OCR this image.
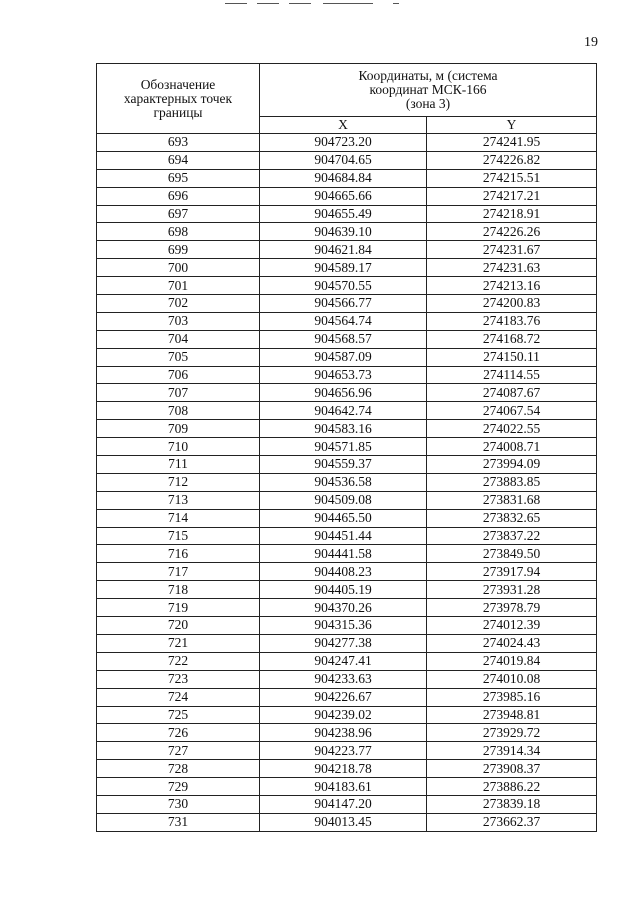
19
Обозначение характерных точек границы	Координаты, м (система координат МСК-166 (зона 3)	
	X	Y
693	904723.20	274241.95
694	904704.65	274226.82
695	904684.84	274215.51
696	904665.66	274217.21
697	904655.49	274218.91
698	904639.10	274226.26
699	904621.84	274231.67
700	904589.17	274231.63
701	904570.55	274213.16
702	904566.77	274200.83
703	904564.74	274183.76
704	904568.57	274168.72
705	904587.09	274150.11
706	904653.73	274114.55
707	904656.96	274087.67
708	904642.74	274067.54
709	904583.16	274022.55
710	904571.85	274008.71
711	904559.37	273994.09
712	904536.58	273883.85
713	904509.08	273831.68
714	904465.50	273832.65
715	904451.44	273837.22
716	904441.58	273849.50
717	904408.23	273917.94
718	904405.19	273931.28
719	904370.26	273978.79
720	904315.36	274012.39
721	904277.38	274024.43
722	904247.41	274019.84
723	904233.63	274010.08
724	904226.67	273985.16
725	904239.02	273948.81
726	904238.96	273929.72
727	904223.77	273914.34
728	904218.78	273908.37
729	904183.61	273886.22
730	904147.20	273839.18
731	904013.45	273662.37
